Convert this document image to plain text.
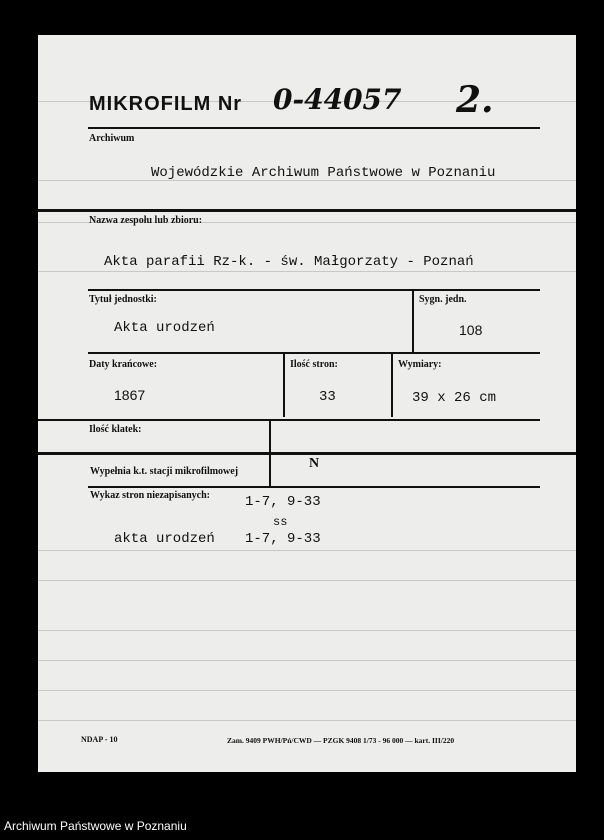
MIKROFILM Nr 0-44057 2.
Archiwum
Wojewódzkie Archiwum Państwowe w Poznaniu
Nazwa zespołu lub zbioru:
Akta parafii Rz-k. - św. Małgorzaty - Poznań
Tytuł jednostki:
Akta urodzeń
Sygn. jedn.
108
Daty krańcowe:
1867
Ilość stron:
33
Wymiary:
39 x 26 cm
Ilość klatek:
Wypełnia k.t. stacji mikrofilmowej
N
Wykaz stron niezapisanych: 1-7, 9-33
ss
akta urodzeń 1-7, 9-33
NDAP - 10	Zam. 9409 PWH/Pń/CWD — PZGK 9408 1/73 - 96 000 — kart. III/220
Archiwum Państwowe w Poznaniu
